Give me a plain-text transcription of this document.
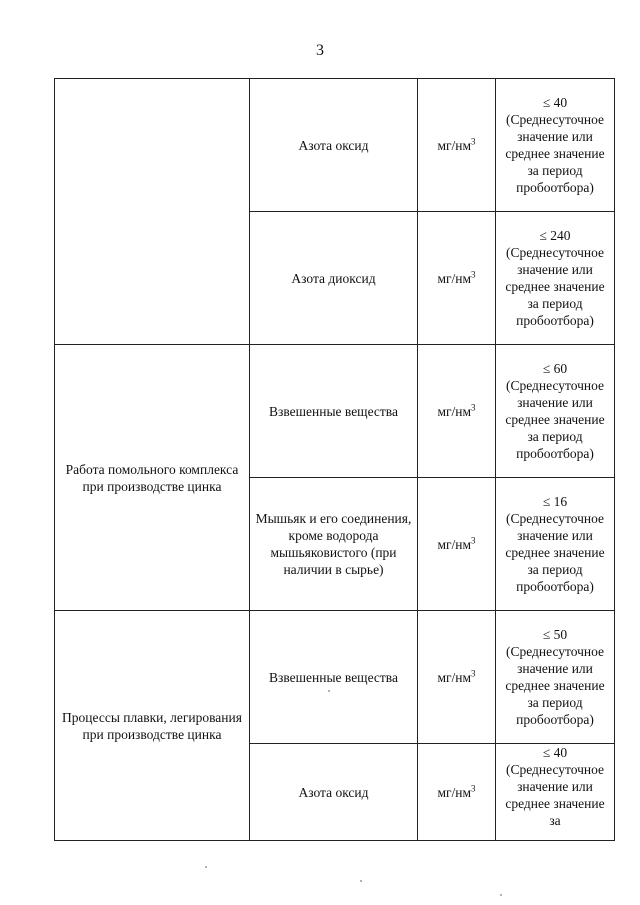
3
	Азота оксид	$мг/нм^3$	≤ 40
(Среднесуточное значение или среднее значение за период пробоотбора)
	Азота диоксид	$мг/нм^3$	≤ 240
(Среднесуточное значение или среднее значение за период пробоотбора)
Работа помольного комплекса при производстве цинка	Взвешенные вещества	$мг/нм^3$	≤ 60
(Среднесуточное значение или среднее значение за период пробоотбора)
	Мышьяк и его соединения, кроме водорода мышьяковистого (при наличии в сырье)	$мг/нм^3$	≤ 16
(Среднесуточное значение или среднее значение за период пробоотбора)
Процессы плавки, легирования при производстве цинка	Взвешенные вещества	$мг/нм^3$	≤ 50
(Среднесуточное значение или среднее значение за период пробоотбора)
	Азота оксид	$мг/нм^3$	≤ 40
(Среднесуточное значение или среднее значение за
